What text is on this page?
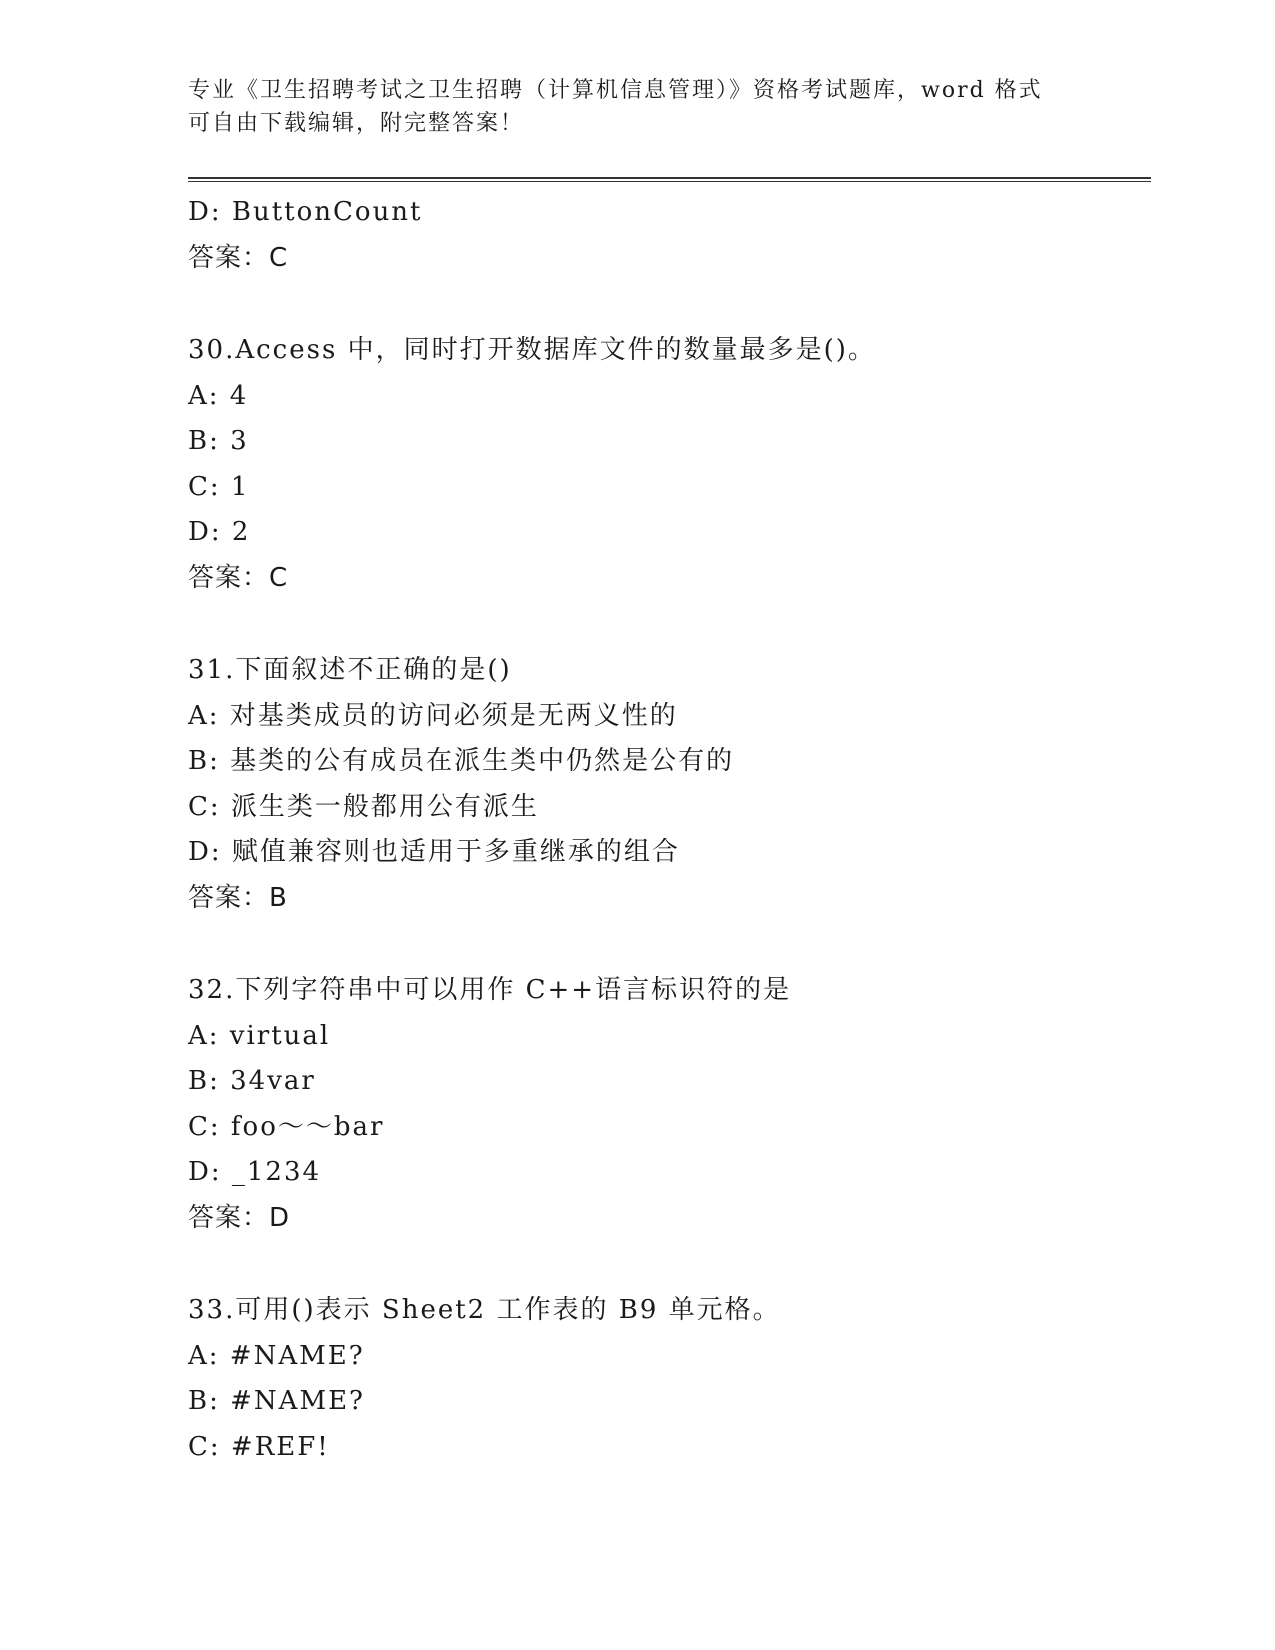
专业《卫生招聘考试之卫生招聘（计算机信息管理）》资格考试题库，word 格式
可自由下载编辑，附完整答案！
D: ButtonCount
答案：C
30.Access 中，同时打开数据库文件的数量最多是()。
A: 4
B: 3
C: 1
D: 2
答案：C
31.下面叙述不正确的是()
A: 对基类成员的访问必须是无两义性的
B: 基类的公有成员在派生类中仍然是公有的
C: 派生类一般都用公有派生
D: 赋值兼容则也适用于多重继承的组合
答案：B
32.下列字符串中可以用作 C++语言标识符的是
A: virtual
B: 34var
C: foo～～bar
D: _1234
答案：D
33.可用()表示 Sheet2 工作表的 B9 单元格。
A: #NAME?
B: #NAME?
C: #REF!
